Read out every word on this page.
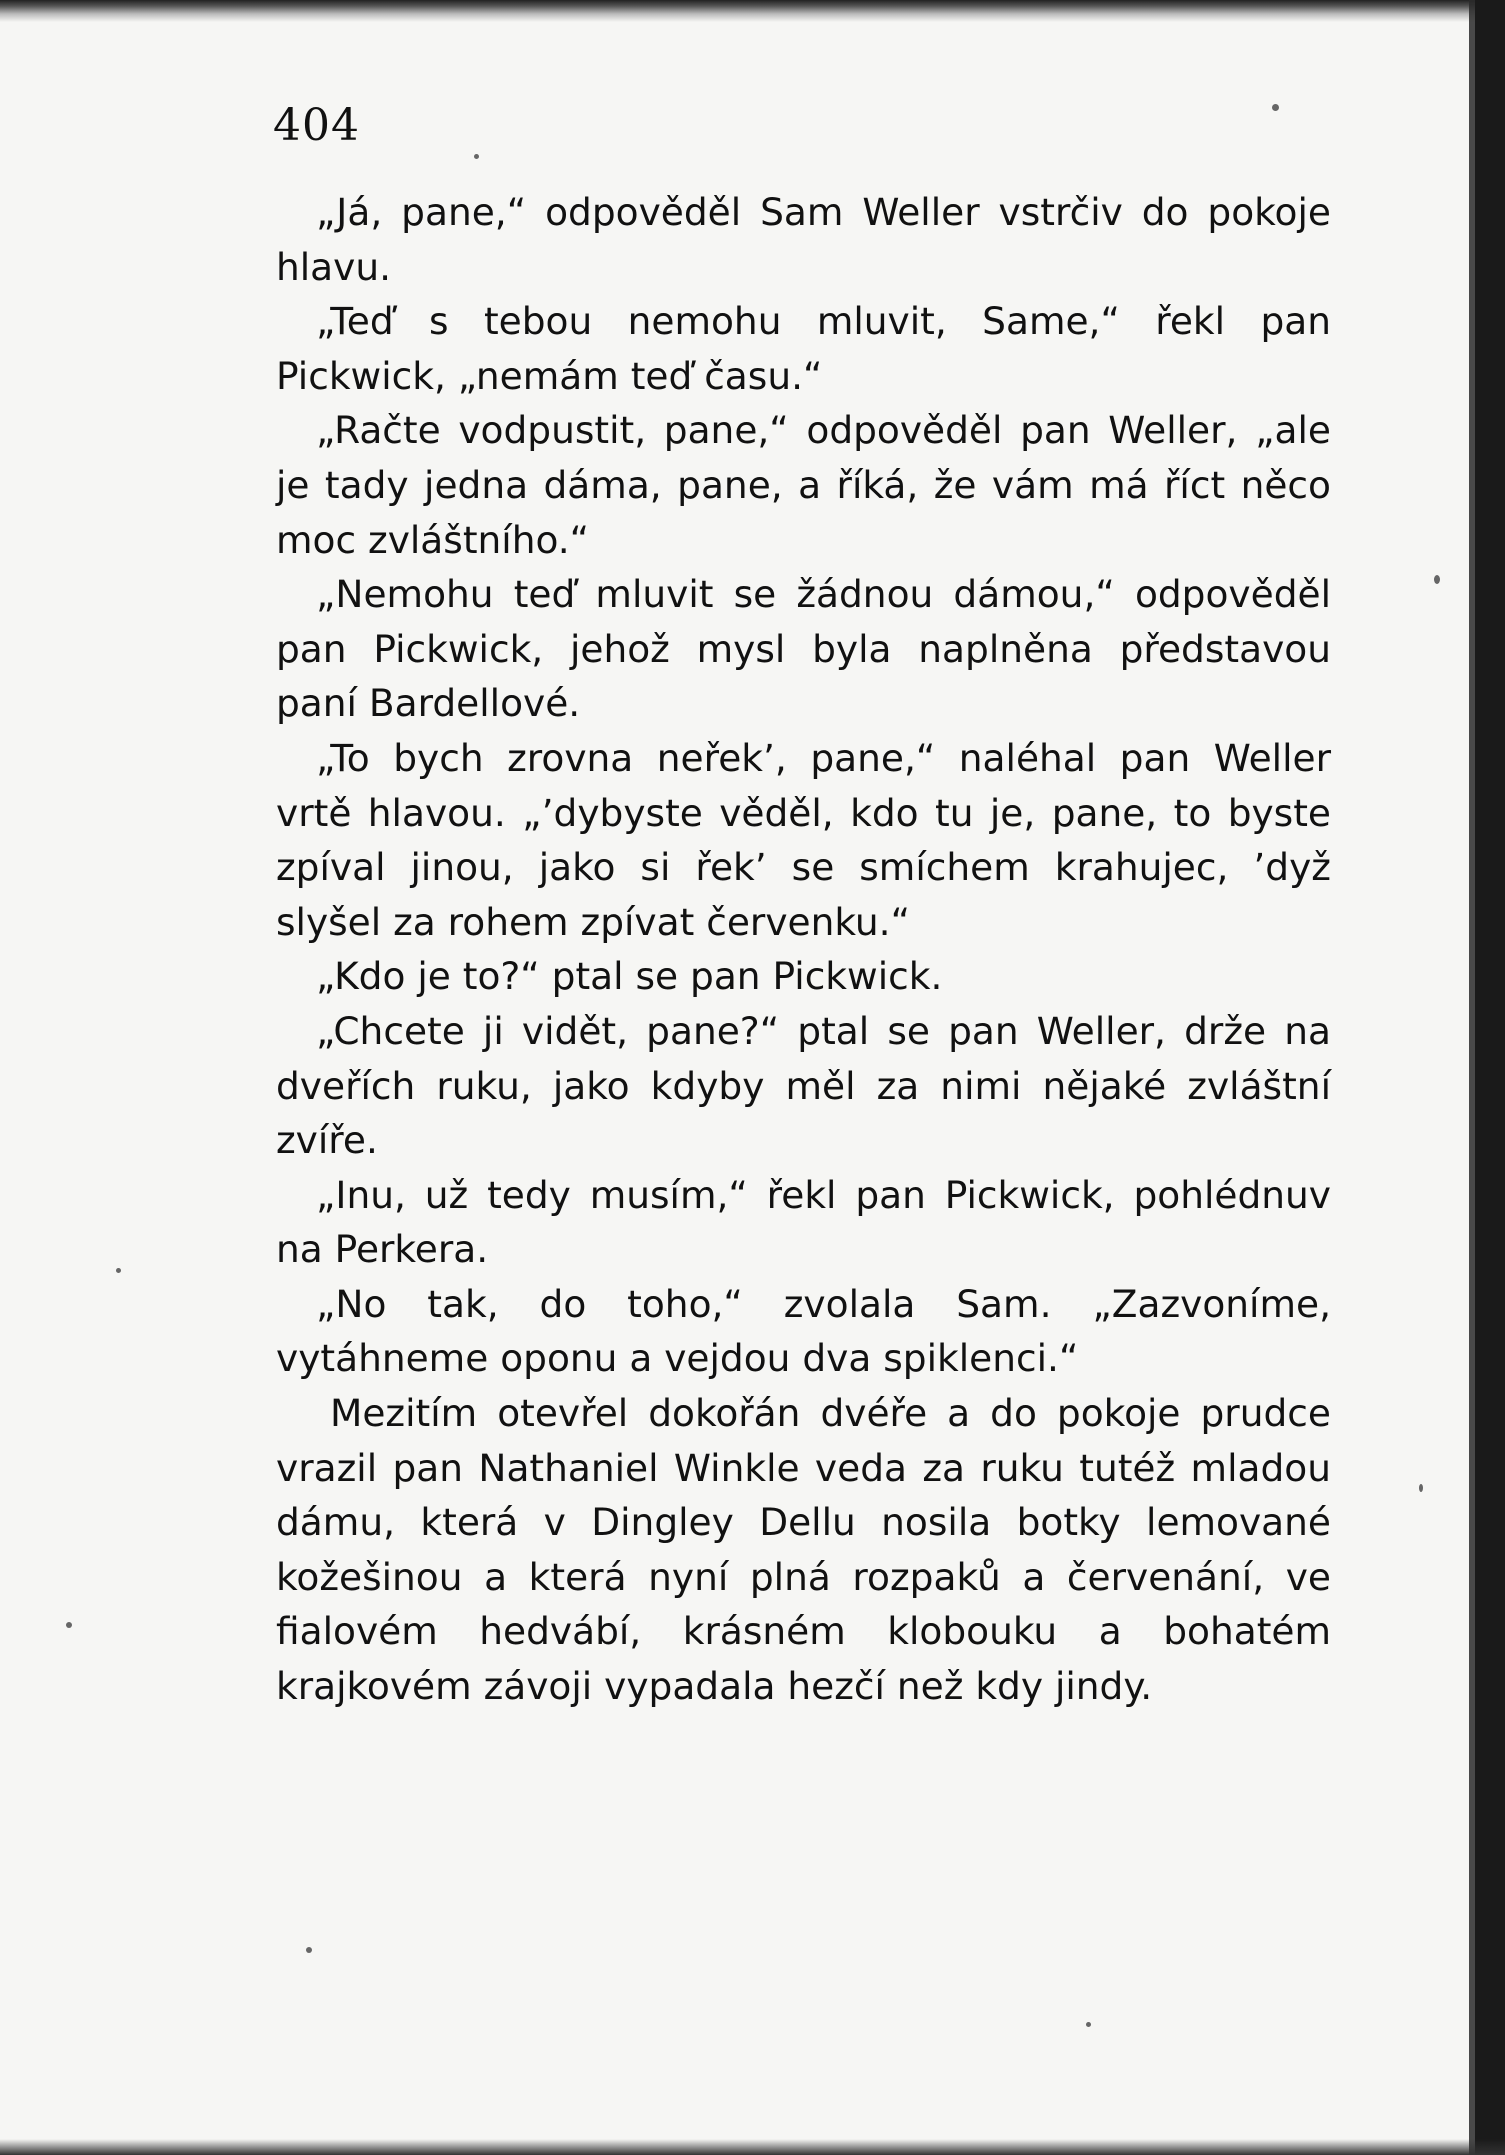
404

„Já, pane,“ odpověděl Sam Weller vstrčiv do pokoje hlavu.

„Teď s tebou nemohu mluvit, Same,“ řekl pan Pickwick, „nemám teď času.“

„Račte vodpustit, pane,“ odpověděl pan Weller, „ale je tady jedna dáma, pane, a říká, že vám má říct něco moc zvláštního.“

„Nemohu teď mluvit se žádnou dámou,“ odpověděl pan Pickwick, jehož mysl byla naplněna představou paní Bardellové.

„To bych zrovna neřek’, pane,“ naléhal pan Weller vrtě hlavou. „’dybyste věděl, kdo tu je, pane, to byste zpíval jinou, jako si řek’ se smíchem krahujec, ’dyž slyšel za rohem zpívat červenku.“

„Kdo je to?“ ptal se pan Pickwick.

„Chcete ji vidět, pane?“ ptal se pan Weller, drže na dveřích ruku, jako kdyby měl za nimi nějaké zvláštní zvíře.

„Inu, už tedy musím,“ řekl pan Pickwick, pohlédnuv na Perkera.

„No tak, do toho,“ zvolala Sam. „Zazvoníme, vytáhneme oponu a vejdou dva spiklenci.“

Mezitím otevřel dokořán dvéře a do pokoje prudce vrazil pan Nathaniel Winkle veda za ruku tutéž mladou dámu, která v Dingley Dellu nosila botky lemované kožešinou a která nyní plná rozpaků a červenání, ve fialovém hedvábí, krásném klobouku a bohatém krajkovém závoji vypadala hezčí než kdy jindy.
